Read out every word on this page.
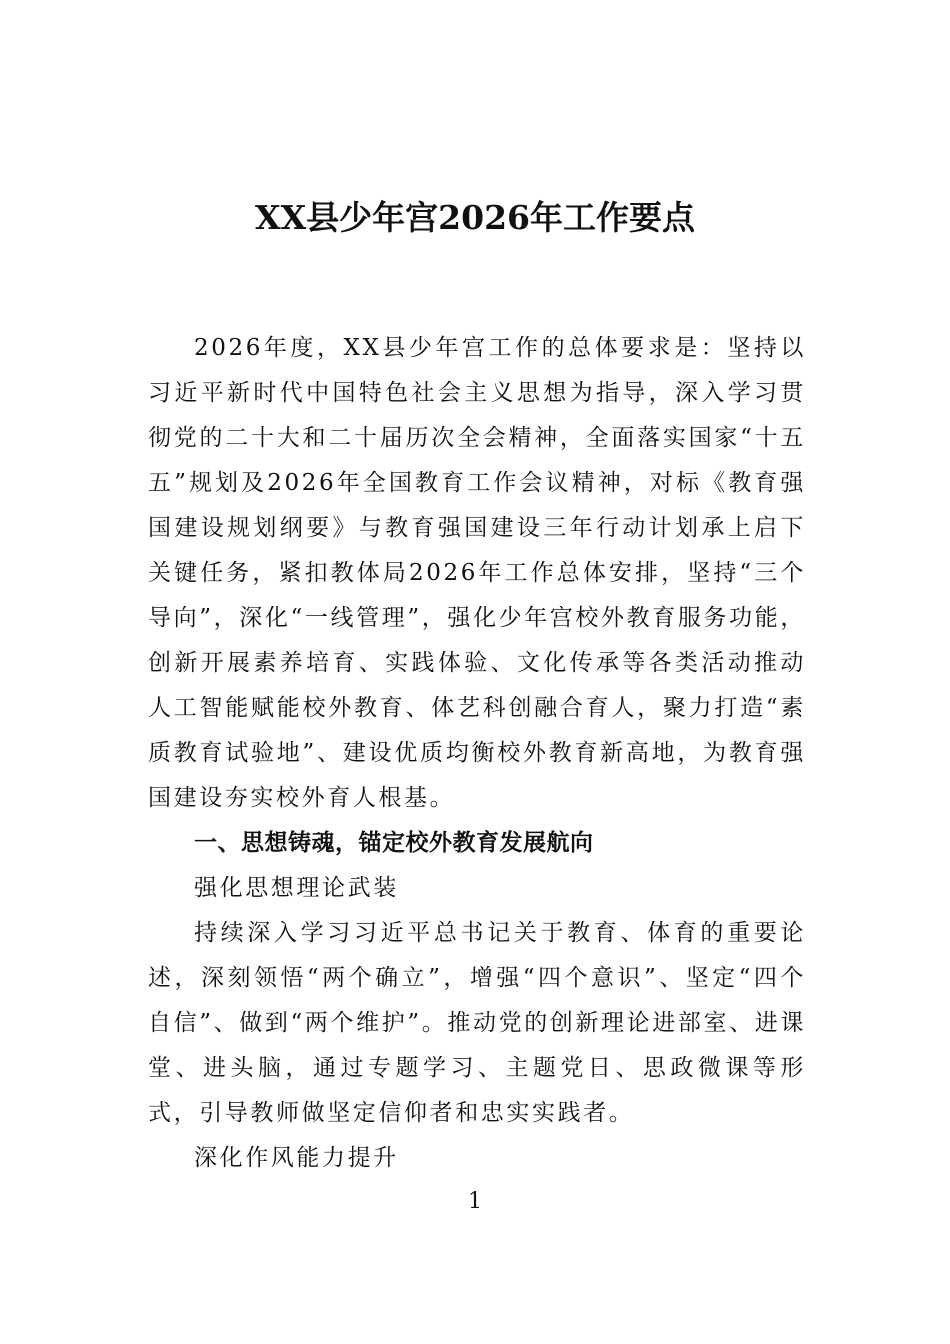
XX县少年宫2026年工作要点

2026年度，XX县少年宫工作的总体要求是：坚持以习近平新时代中国特色社会主义思想为指导，深入学习贯彻党的二十大和二十届历次全会精神，全面落实国家“十五五”规划及2026年全国教育工作会议精神，对标《教育强国建设规划纲要》与教育强国建设三年行动计划承上启下关键任务，紧扣教体局2026年工作总体安排，坚持“三个导向”，深化“一线管理”，强化少年宫校外教育服务功能，创新开展素养培育、实践体验、文化传承等各类活动推动人工智能赋能校外教育、体艺科创融合育人，聚力打造“素质教育试验地”、建设优质均衡校外教育新高地，为教育强国建设夯实校外育人根基。

一、思想铸魂，锚定校外教育发展航向

强化思想理论武装

持续深入学习习近平总书记关于教育、体育的重要论述，深刻领悟“两个确立”，增强“四个意识”、坚定“四个自信”、做到“两个维护”。推动党的创新理论进部室、进课堂、进头脑，通过专题学习、主题党日、思政微课等形式，引导教师做坚定信仰者和忠实实践者。

深化作风能力提升

1
